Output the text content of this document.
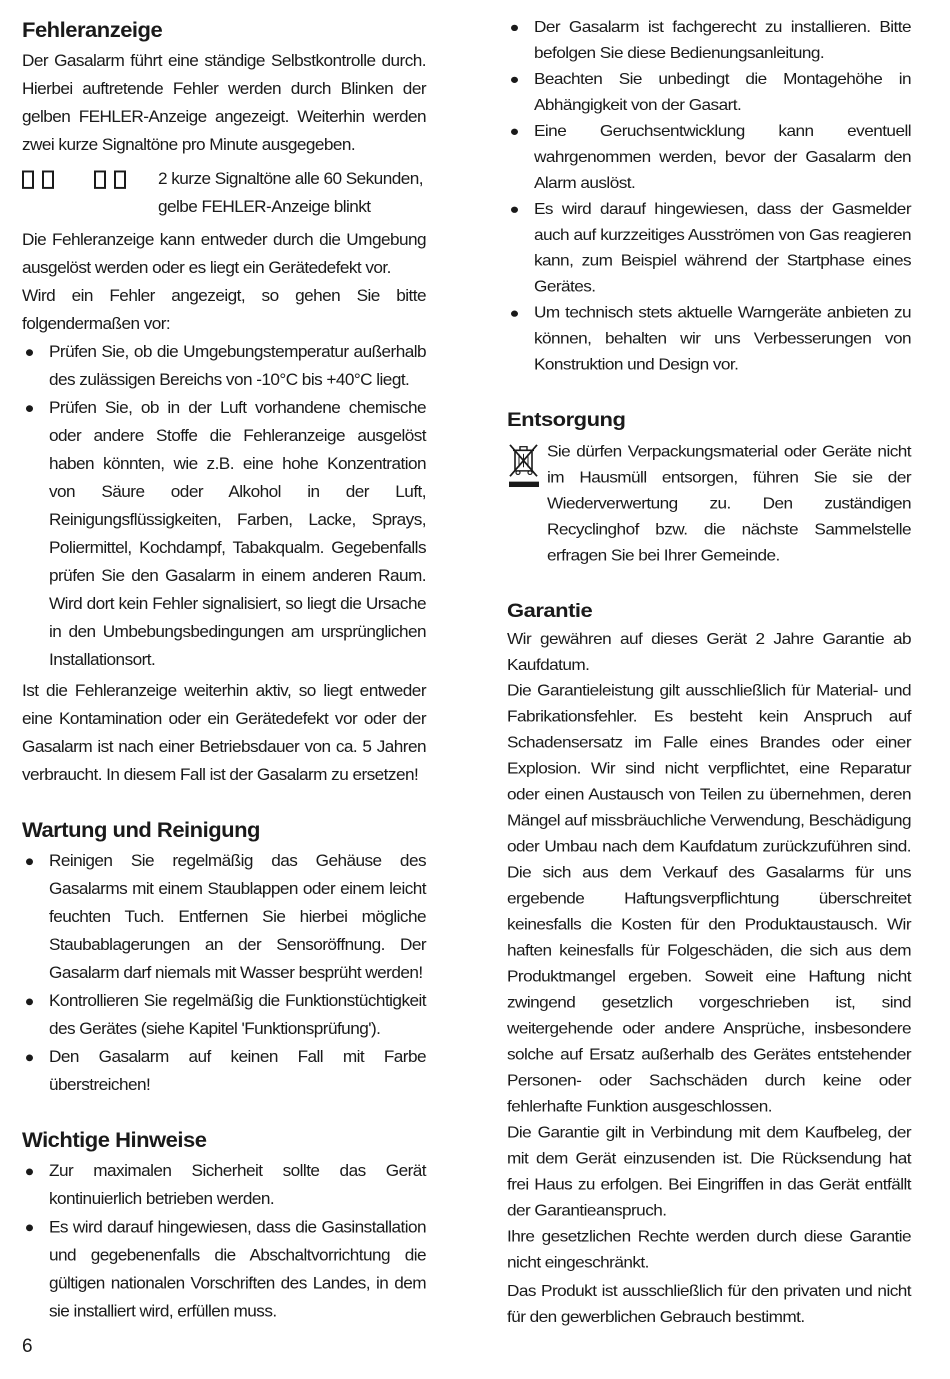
Fehleranzeige

Der Gasalarm führt eine ständige Selbstkontrolle durch. Hierbei auftretende Fehler werden durch Blinken der gelben FEHLER-Anzeige angezeigt. Weiterhin werden zwei kurze Signaltöne pro Minute ausgegeben.

2 kurze Signaltöne alle 60 Sekunden,
gelbe FEHLER-Anzeige blinkt

Die Fehleranzeige kann entweder durch die Umgebung ausgelöst werden oder es liegt ein Gerätedefekt vor.

Wird ein Fehler angezeigt, so gehen Sie bitte folgendermaßen vor:

Prüfen Sie, ob die Umgebungstemperatur außerhalb des zulässigen Bereichs von -10°C bis +40°C liegt.
Prüfen Sie, ob in der Luft vorhandene chemische oder andere Stoffe die Fehleranzeige ausgelöst haben könnten, wie z.B. eine hohe Konzentration von Säure oder Alkohol in der Luft, Reinigungsflüssigkeiten, Farben, Lacke, Sprays, Poliermittel, Kochdampf, Tabakqualm. Gegebenfalls prüfen Sie den Gasalarm in einem anderen Raum. Wird dort kein Fehler signalisiert, so liegt die Ursache in den Umbebungsbedingungen am ursprünglichen Installationsort.

Ist die Fehleranzeige weiterhin aktiv, so liegt entweder eine Kontamination oder ein Gerätedefekt vor oder der Gasalarm ist nach einer Betriebsdauer von ca. 5 Jahren verbraucht. In diesem Fall ist der Gasalarm zu ersetzen!

Wartung und Reinigung
Reinigen Sie regelmäßig das Gehäuse des Gasalarms mit einem Staublappen oder einem leicht feuchten Tuch. Entfernen Sie hierbei mögliche Staubablagerungen an der Sensoröffnung. Der Gasalarm darf niemals mit Wasser besprüht werden!
Kontrollieren Sie regelmäßig die Funktionstüchtigkeit des Gerätes (siehe Kapitel 'Funktionsprüfung').
Den Gasalarm auf keinen Fall mit Farbe überstreichen!
Wichtige Hinweise
Zur maximalen Sicherheit sollte das Gerät kontinuierlich betrieben werden.
Es wird darauf hingewiesen, dass die Gasinstallation und gegebenenfalls die Abschaltvorrichtung die gültigen nationalen Vorschriften des Landes, in dem sie installiert wird, erfüllen muss.
Der Gasalarm ist fachgerecht zu installieren. Bitte befolgen Sie diese Bedienungsanleitung.
Beachten Sie unbedingt die Montagehöhe in Abhängigkeit von der Gasart.
Eine Geruchsentwicklung kann eventuell wahrgenommen werden, bevor der Gasalarm den Alarm auslöst.
Es wird darauf hingewiesen, dass der Gasmelder auch auf kurzzeitiges Ausströmen von Gas reagieren kann, zum Beispiel während der Startphase eines Gerätes.
Um technisch stets aktuelle Warngeräte anbieten zu können, behalten wir uns Verbesserungen von Konstruktion und Design vor.
Entsorgung

Sie dürfen Verpackungsmaterial oder Geräte nicht im Hausmüll entsorgen, führen Sie sie der Wiederverwertung zu. Den zuständigen Recyclinghof bzw. die nächste Sammelstelle erfragen Sie bei Ihrer Gemeinde.

Garantie

Wir gewähren auf dieses Gerät 2 Jahre Garantie ab Kaufdatum.

Die Garantieleistung gilt ausschließlich für Material- und Fabrikationsfehler. Es besteht kein Anspruch auf Schadensersatz im Falle eines Brandes oder einer Explosion. Wir sind nicht verpflichtet, eine Reparatur oder einen Austausch von Teilen zu übernehmen, deren Mängel auf missbräuchliche Verwendung, Beschädigung oder Umbau nach dem Kaufdatum zurückzuführen sind. Die sich aus dem Verkauf des Gasalarms für uns ergebende Haftungsverpflichtung überschreitet keinesfalls die Kosten für den Produktaustausch. Wir haften keinesfalls für Folgeschäden, die sich aus dem Produktmangel ergeben. Soweit eine Haftung nicht zwingend gesetzlich vorgeschrieben ist, sind weitergehende oder andere Ansprüche, insbesondere solche auf Ersatz außerhalb des Gerätes entstehender Personen- oder Sachschäden durch keine oder fehlerhafte Funktion ausgeschlossen.

Die Garantie gilt in Verbindung mit dem Kaufbeleg, der mit dem Gerät einzusenden ist. Die Rücksendung hat frei Haus zu erfolgen. Bei Eingriffen in das Gerät entfällt der Garantieanspruch.

Ihre gesetzlichen Rechte werden durch diese Garantie nicht eingeschränkt.

Das Produkt ist ausschließlich für den privaten und nicht für den gewerblichen Gebrauch bestimmt.

6
